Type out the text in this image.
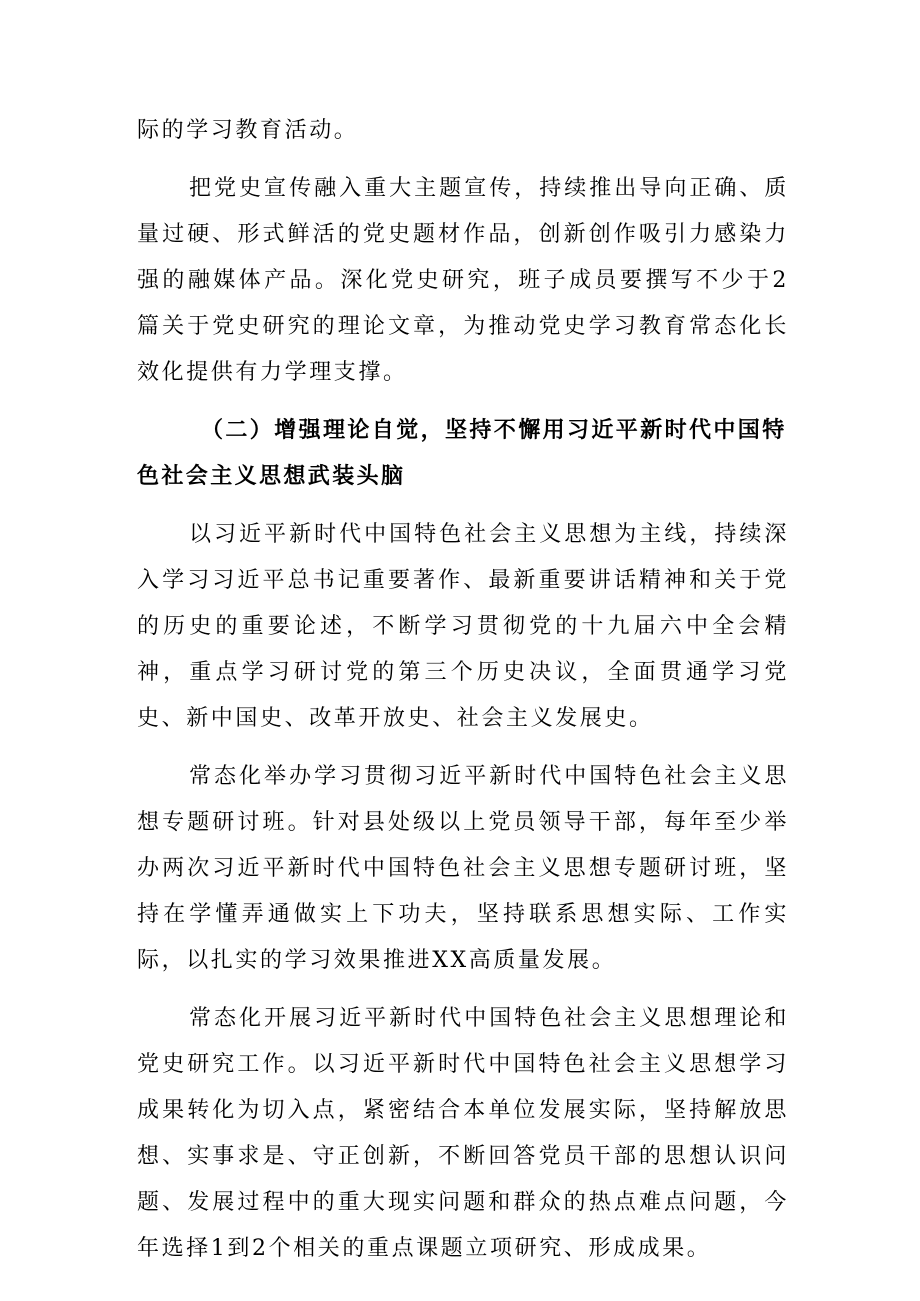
际的学习教育活动。

把党史宣传融入重大主题宣传，持续推出导向正确、质量过硬、形式鲜活的党史题材作品，创新创作吸引力感染力强的融媒体产品。深化党史研究，班子成员要撰写不少于2篇关于党史研究的理论文章，为推动党史学习教育常态化长效化提供有力学理支撑。

（二）增强理论自觉，坚持不懈用习近平新时代中国特色社会主义思想武装头脑

以习近平新时代中国特色社会主义思想为主线，持续深入学习习近平总书记重要著作、最新重要讲话精神和关于党的历史的重要论述，不断学习贯彻党的十九届六中全会精神，重点学习研讨党的第三个历史决议，全面贯通学习党史、新中国史、改革开放史、社会主义发展史。

常态化举办学习贯彻习近平新时代中国特色社会主义思想专题研讨班。针对县处级以上党员领导干部，每年至少举办两次习近平新时代中国特色社会主义思想专题研讨班，坚持在学懂弄通做实上下功夫，坚持联系思想实际、工作实际，以扎实的学习效果推进XX高质量发展。

常态化开展习近平新时代中国特色社会主义思想理论和党史研究工作。以习近平新时代中国特色社会主义思想学习成果转化为切入点，紧密结合本单位发展实际，坚持解放思想、实事求是、守正创新，不断回答党员干部的思想认识问题、发展过程中的重大现实问题和群众的热点难点问题，今年选择1到2个相关的重点课题立项研究、形成成果。
